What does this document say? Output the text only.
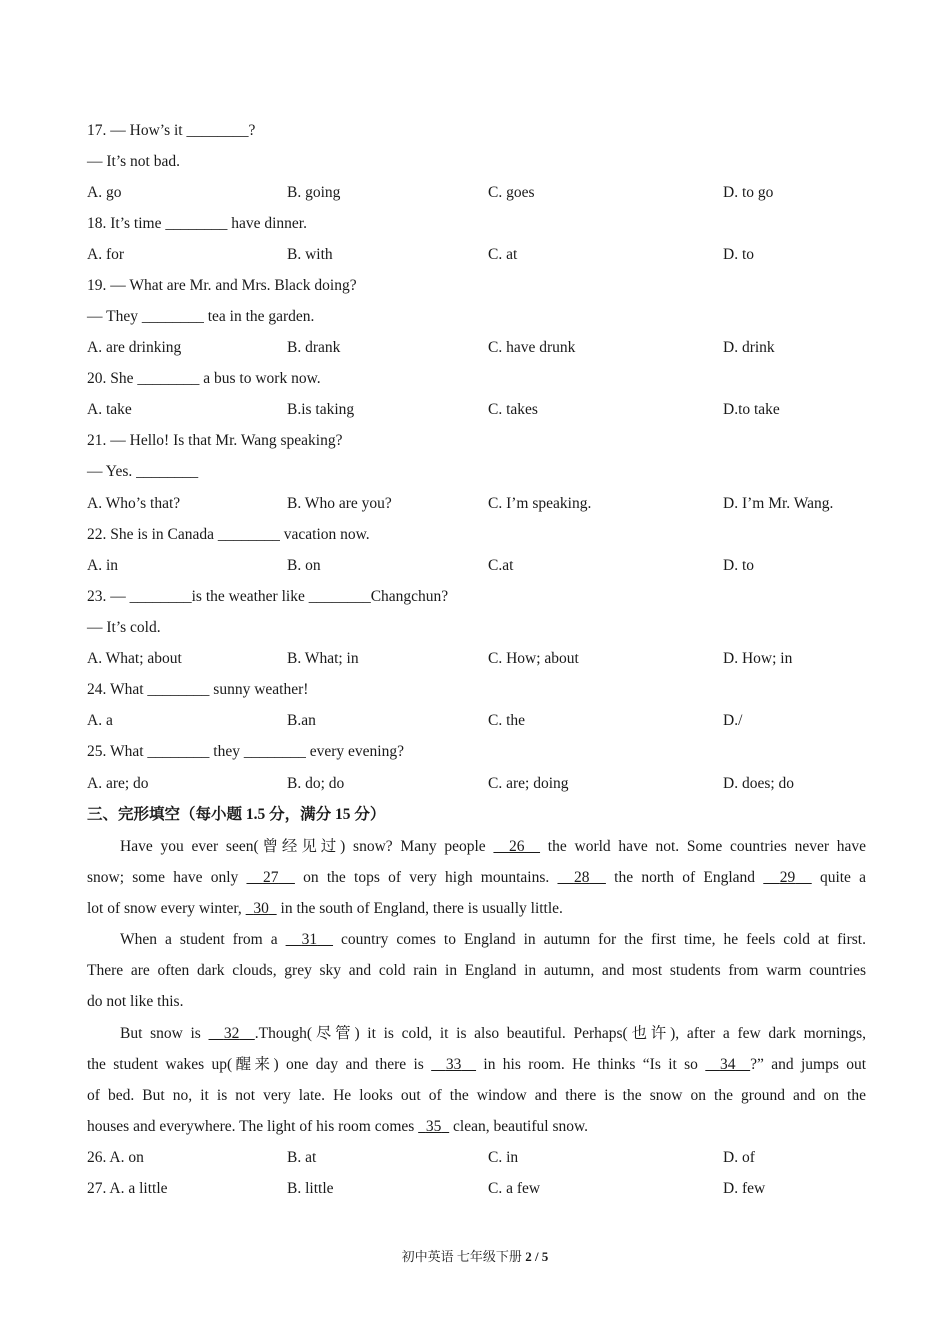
17. — How’s it ________?
— It’s not bad.
A. go	B. going	C. goes	D. to go
18. It’s time ________ have dinner.
A. for	B. with	C. at	D. to
19. — What are Mr. and Mrs. Black doing?
— They ________ tea in the garden.
A. are drinking	B. drank	C. have drunk	D. drink
20. She ________ a bus to work now.
A. take	B.is taking	C. takes	D.to take
21. — Hello! Is that Mr. Wang speaking?
— Yes. ________
A. Who’s that?	B. Who are you?	C. I’m speaking.	D. I’m Mr. Wang.
22. She is in Canada ________ vacation now.
A. in	B. on	C.at	D. to
23. — ________is the weather like ________Changchun?
— It’s cold.
A. What; about	B. What; in	C. How; about	D. How; in
24. What ________ sunny weather!
A. a	B.an	C. the	D./
25. What ________ they ________ every evening?
A. are; do	B. do; do	C. are; doing	D. does; do
三、完形填空（每小题 1.5 分，满分 15 分）
Have you ever seen(曾经见过) snow? Many people   26   the world have not. Some countries never have
snow; some have only   27   on the tops of very high mountains.   28   the north of England   29   quite a
lot of snow every winter,   30   in the south of England, there is usually little.
When a student from a   31   country comes to England in autumn for the first time, he feels cold at first.
There are often dark clouds, grey sky and cold rain in England in autumn, and most students from warm countries
do not like this.
But snow is   32 .Though(尽管) it is cold, it is also beautiful. Perhaps(也许), after a few dark mornings,
the student wakes up(醒来) one day and there is   33   in his room. He thinks “Is it so   34 ?” and jumps out
of bed. But no, it is not very late. He looks out of the window and there is the snow on the ground and on the
houses and everywhere. The light of his room comes   35   clean, beautiful snow.
26. A. on	B. at	C. in	D. of
27. A. a little	B. little	C. a few	D. few
初中英语 七年级下册 2 / 5
